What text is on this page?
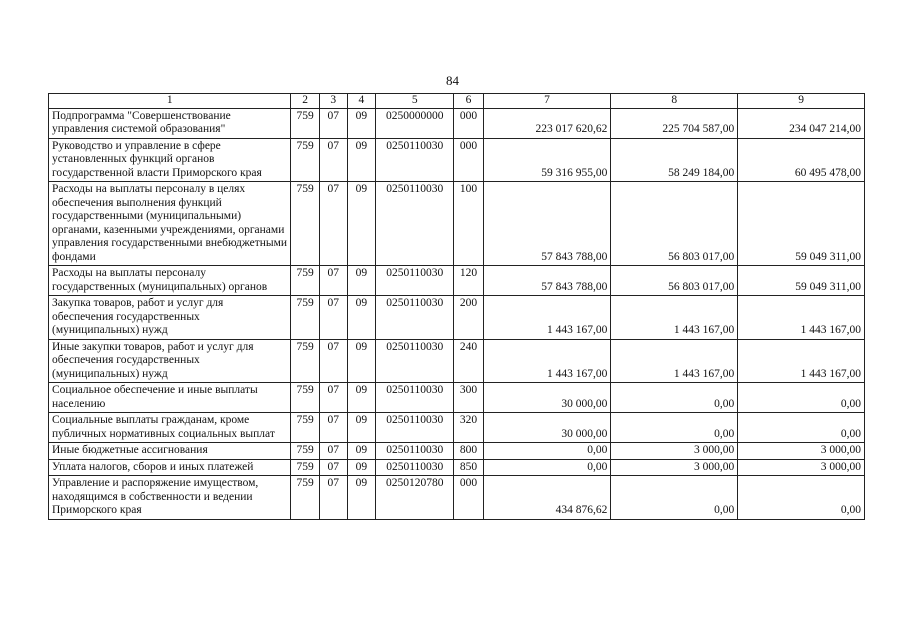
84
1	2	3	4	5	6	7	8	9
Подпрограмма "Совершенствование управления системой образования"	759	07	09	0250000000	000	223 017 620,62	225 704 587,00	234 047 214,00
Руководство и управление в сфере установленных функций органов государственной власти Приморского края	759	07	09	0250110030	000	59 316 955,00	58 249 184,00	60 495 478,00
Расходы на выплаты персоналу в целях обеспечения выполнения функций государственными (муниципальными) органами, казенными учреждениями, органами управления государственными внебюджетными фондами	759	07	09	0250110030	100	57 843 788,00	56 803 017,00	59 049 311,00
Расходы на выплаты персоналу государственных (муниципальных) органов	759	07	09	0250110030	120	57 843 788,00	56 803 017,00	59 049 311,00
Закупка товаров, работ и услуг для обеспечения государственных (муниципальных) нужд	759	07	09	0250110030	200	1 443 167,00	1 443 167,00	1 443 167,00
Иные закупки товаров, работ и услуг для обеспечения государственных (муниципальных) нужд	759	07	09	0250110030	240	1 443 167,00	1 443 167,00	1 443 167,00
Социальное обеспечение и иные выплаты населению	759	07	09	0250110030	300	30 000,00	0,00	0,00
Социальные выплаты гражданам, кроме публичных нормативных социальных выплат	759	07	09	0250110030	320	30 000,00	0,00	0,00
Иные бюджетные ассигнования	759	07	09	0250110030	800	0,00	3 000,00	3 000,00
Уплата налогов, сборов и иных платежей	759	07	09	0250110030	850	0,00	3 000,00	3 000,00
Управление и распоряжение имуществом, находящимся в собственности и ведении Приморского края	759	07	09	0250120780	000	434 876,62	0,00	0,00
